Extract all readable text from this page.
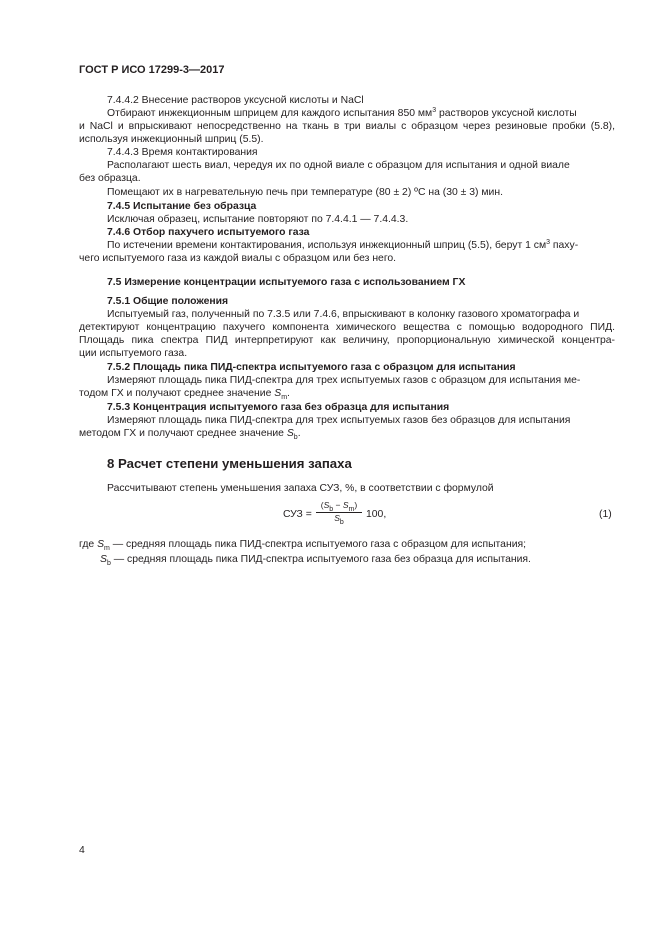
ГОСТ Р ИСО 17299-3—2017
7.4.4.2 Внесение растворов уксусной кислоты и NaCl
Отбирают инжекционным шприцем для каждого испытания 850 $мм^3$ растворов уксусной кислоты
и NaCl и впрыскивают непосредственно на ткань в три виалы с образцом через резиновые пробки (5.8),
используя инжекционный шприц (5.5).
7.4.4.3 Время контактирования
Располагают шесть виал, чередуя их по одной виале с образцом для испытания и одной виале
без образца.
Помещают их в нагревательную печь при температуре (80 ± 2) ºC на (30 ± 3) мин.
7.4.5 Испытание без образца
Исключая образец, испытание повторяют по 7.4.4.1 — 7.4.4.3.
7.4.6 Отбор пахучего испытуемого газа
По истечении времени контактирования, используя инжекционный шприц (5.5), берут 1 $см^3$ паху-
чего испытуемого газа из каждой виалы с образцом или без него.
7.5 Измерение концентрации испытуемого газа с использованием ГХ
7.5.1 Общие положения
Испытуемый газ, полученный по 7.3.5 или 7.4.6, впрыскивают в колонку газового хроматографа и
детектируют концентрацию пахучего компонента химического вещества с помощью водородного ПИД.
Площадь пика спектра ПИД интерпретируют как величину, пропорциональную химической концентра-
ции испытуемого газа.
7.5.2 Площадь пика ПИД-спектра испытуемого газа с образцом для испытания
Измеряют площадь пика ПИД-спектра для трех испытуемых газов с образцом для испытания ме-
тодом ГХ и получают среднее значение $S_m$.
7.5.3 Концентрация испытуемого газа без образца для испытания
Измеряют площадь пика ПИД-спектра для трех испытуемых газов без образцов для испытания
методом ГХ и получают среднее значение $S_b$.
8 Расчет степени уменьшения запаха
Рассчитывают степень уменьшения запаха СУЗ, %, в соответствии с формулой
СУЗ =
$(S_b - S_m)$
$S_b$
100,	(1)
где $S_m$ — средняя площадь пика ПИД-спектра испытуемого газа с образцом для испытания;
$S_b$ — средняя площадь пика ПИД-спектра испытуемого газа без образца для испытания.
4
